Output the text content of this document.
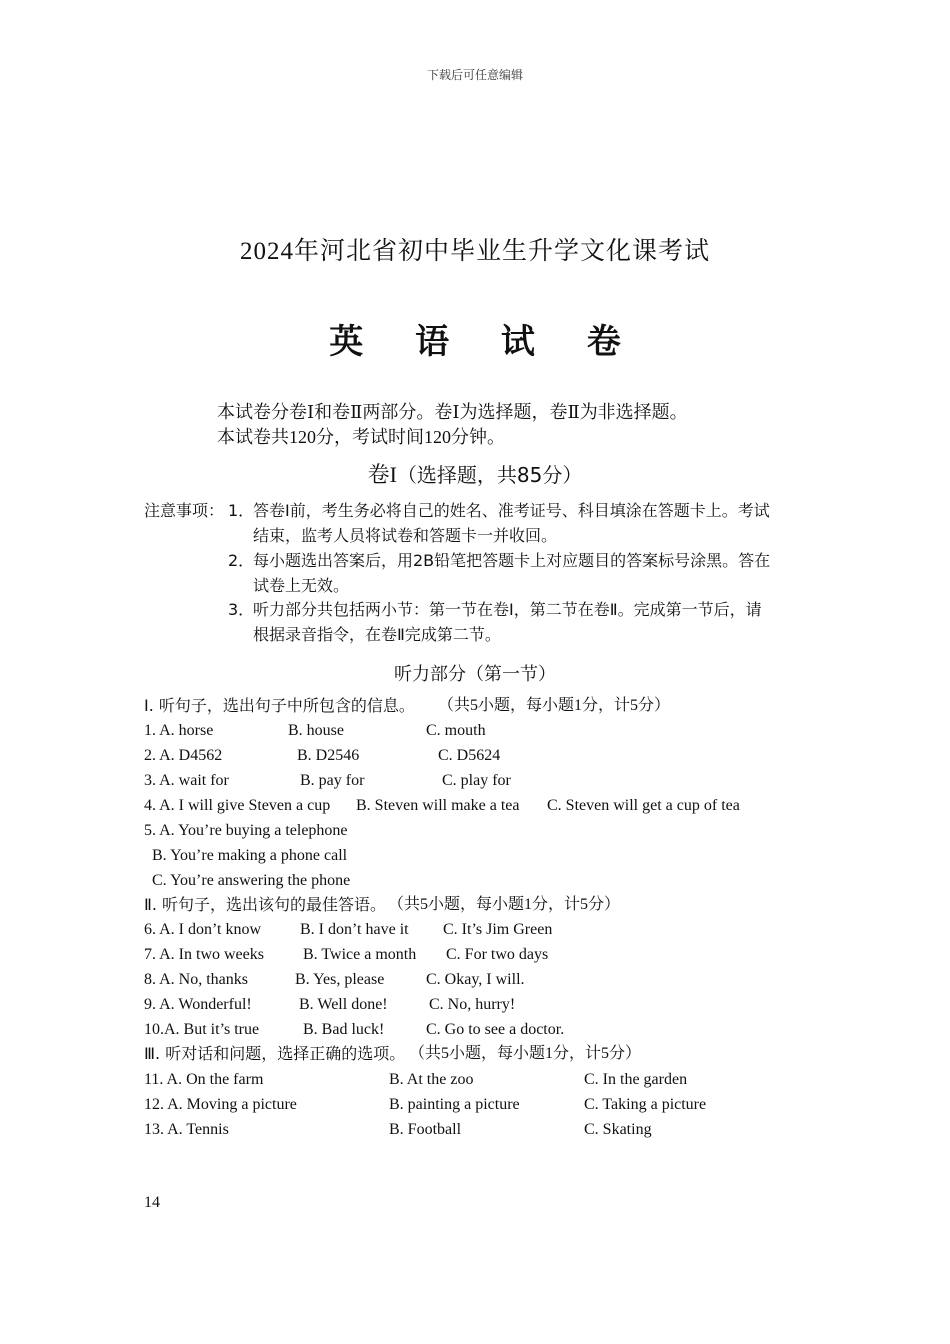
下载后可任意编辑
2024年河北省初中毕业生升学文化课考试
英 语 试 卷
本试卷分卷Ⅰ和卷Ⅱ两部分。卷Ⅰ为选择题，卷Ⅱ为非选择题。
本试卷共120分，考试时间120分钟。
卷I（选择题，共85分）
注意事项： 1．
答卷Ⅰ前，考生务必将自己的姓名、准考证号、科目填涂在答题卡上。考试
结束，监考人员将试卷和答题卡一并收回。
2．
每小题选出答案后，用2B铅笔把答题卡上对应题目的答案标号涂黑。答在
试卷上无效。
3．
听力部分共包括两小节：第一节在卷Ⅰ，第二节在卷Ⅱ。完成第一节后，请
根据录音指令，在卷Ⅱ完成第二节。
听力部分（第一节）
Ⅰ. 听句子，选出句子中所包含的信息。 （共5小题，每小题1分，计5分）
1. A. horse	B. house	C. mouth
2. A. D4562	B. D2546	C. D5624
3. A. wait for	B. pay for	C. play for
4. A. I will give Steven a cup B. Steven will make a tea C. Steven will get a cup of tea
5. A. You’re buying a telephone
B. You’re making a phone call
C. You’re answering the phone
Ⅱ. 听句子，选出该句的最佳答语。 （共5小题，每小题1分，计5分）
6. A. I don’t know B. I don’t have it C. It’s Jim Green
7. A. In two weeks B. Twice a month C. For two days
8. A. No, thanks	B. Yes, please	C. Okay, I will.
9. A. Wonderful!	B. Well done!	C. No, hurry!
10.A. But it’s true	B. Bad luck!	C. Go to see a doctor.
Ⅲ. 听对话和问题，选择正确的选项。 （共5小题，每小题1分，计5分）
11. A. On the farm	B. At the zoo	C. In the garden
12. A. Moving a picture	B. painting a picture	C. Taking a picture
13. A. Tennis	B. Football	C. Skating
14
